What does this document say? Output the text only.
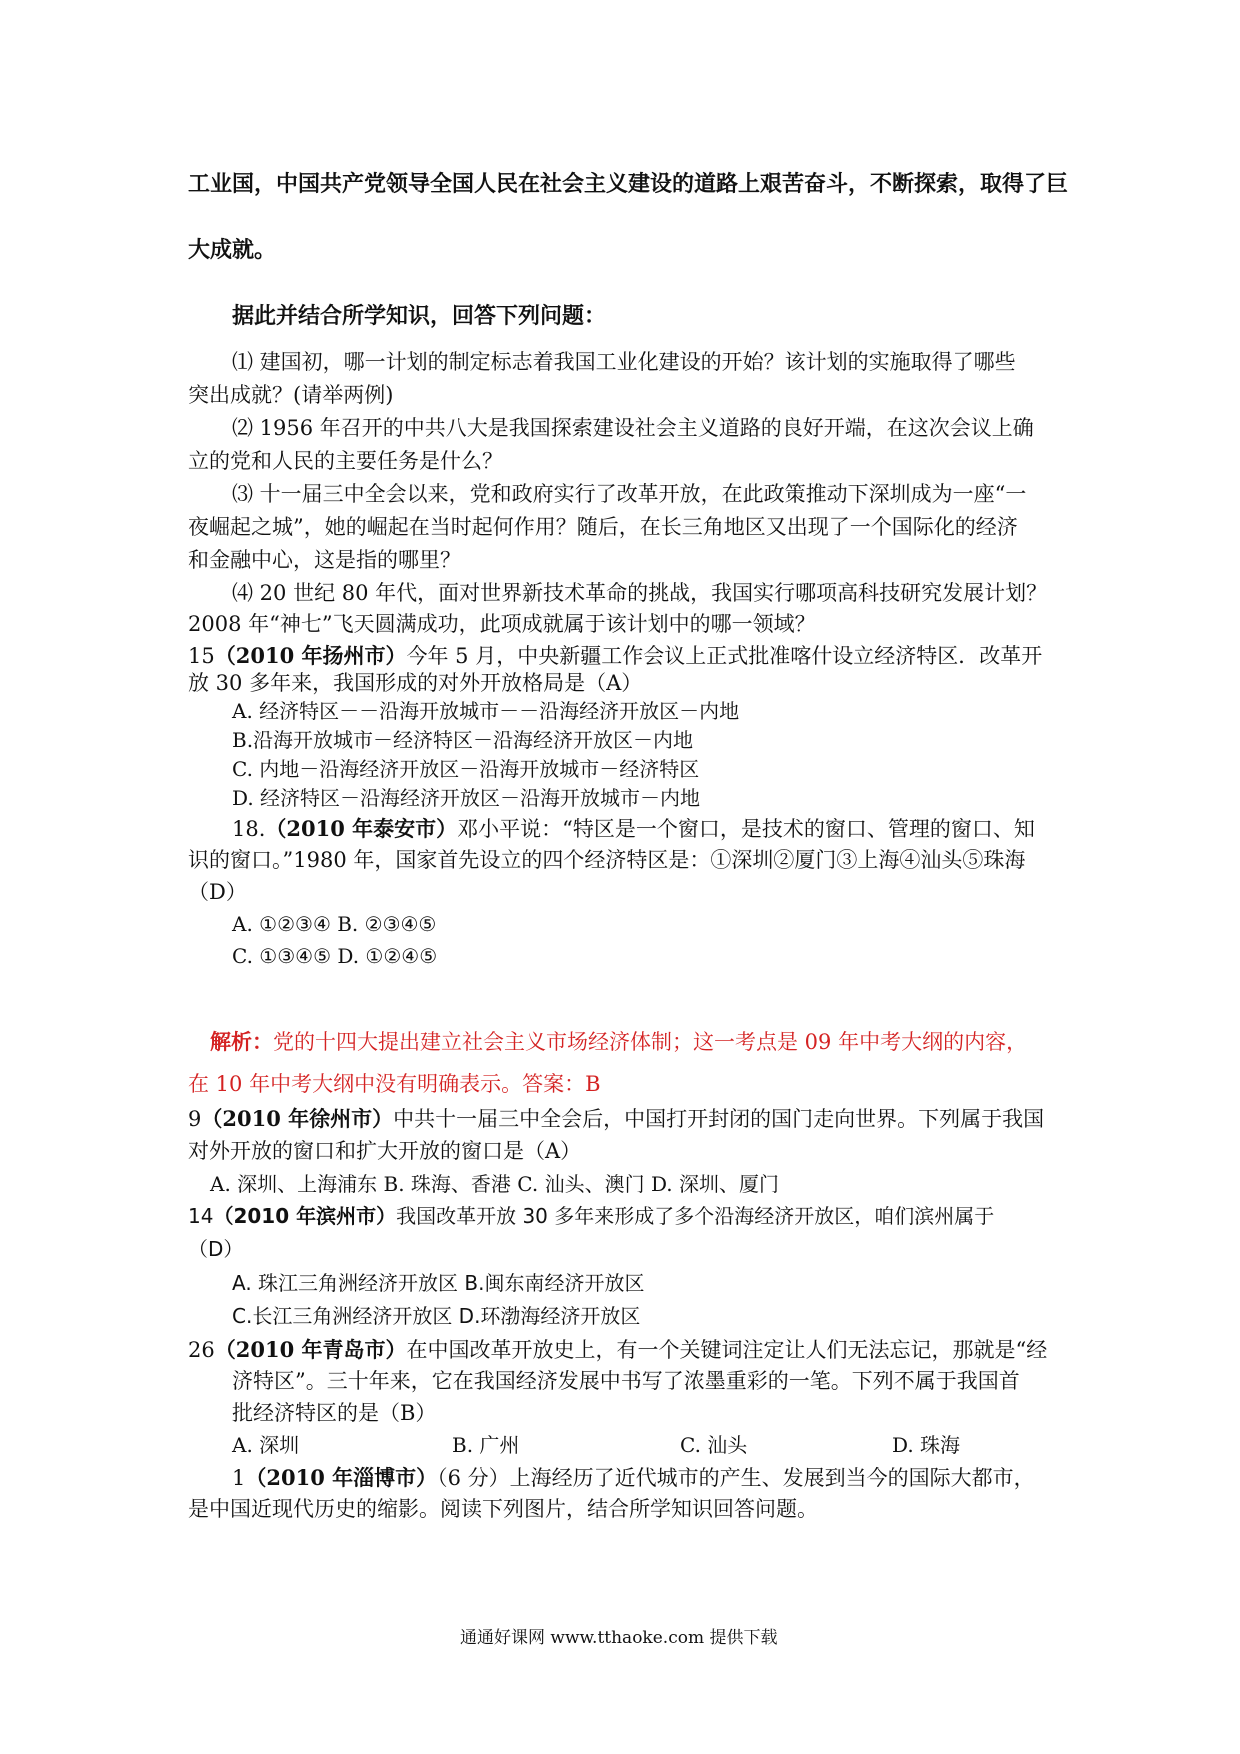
工业国，中国共产党领导全国人民在社会主义建设的道路上艰苦奋斗，不断探索，取得了巨
大成就。
据此并结合所学知识，回答下列问题：
⑴ 建国初，哪一计划的制定标志着我国工业化建设的开始？该计划的实施取得了哪些
突出成就？(请举两例)
⑵ 1956 年召开的中共八大是我国探索建设社会主义道路的良好开端，在这次会议上确
立的党和人民的主要任务是什么？
⑶ 十一届三中全会以来，党和政府实行了改革开放，在此政策推动下深圳成为一座“一
夜崛起之城”，她的崛起在当时起何作用？随后，在长三角地区又出现了一个国际化的经济
和金融中心，这是指的哪里？
⑷ 20 世纪 80 年代，面对世界新技术革命的挑战，我国实行哪项高科技研究发展计划？
2008 年“神七”飞天圆满成功，此项成就属于该计划中的哪一领域？
15（2010 年扬州市）今年 5 月，中央新疆工作会议上正式批准喀什设立经济特区．改革开
放 30 多年来，我国形成的对外开放格局是（A）
A. 经济特区－－沿海开放城市－－沿海经济开放区－内地
B.沿海开放城市－经济特区－沿海经济开放区－内地
C. 内地－沿海经济开放区－沿海开放城市－经济特区
D. 经济特区－沿海经济开放区－沿海开放城市－内地
18.（2010 年泰安市）邓小平说：“特区是一个窗口，是技术的窗口、管理的窗口、知
识的窗口。”1980 年，国家首先设立的四个经济特区是：①深圳②厦门③上海④汕头⑤珠海
（D）
A. ①②③④ B. ②③④⑤
C. ①③④⑤ D. ①②④⑤
解析：党的十四大提出建立社会主义市场经济体制；这一考点是 09 年中考大纲的内容，
在 10 年中考大纲中没有明确表示。答案：B
9（2010 年徐州市）中共十一届三中全会后，中国打开封闭的国门走向世界。下列属于我国
对外开放的窗口和扩大开放的窗口是（A）
A. 深圳、上海浦东 B. 珠海、香港 C. 汕头、澳门 D. 深圳、厦门
14（2010 年滨州市）我国改革开放 30 多年来形成了多个沿海经济开放区，咱们滨州属于
（D）
A. 珠江三角洲经济开放区 B.闽东南经济开放区
C.长江三角洲经济开放区 D.环渤海经济开放区
26（2010 年青岛市）在中国改革开放史上，有一个关键词注定让人们无法忘记，那就是“经
济特区”。三十年来，它在我国经济发展中书写了浓墨重彩的一笔。下列不属于我国首
批经济特区的是（B）
A. 深圳	B. 广州	C. 汕头	D. 珠海
1（2010 年淄博市）（6 分）上海经历了近代城市的产生、发展到当今的国际大都市，
是中国近现代历史的缩影。阅读下列图片，结合所学知识回答问题。
通通好课网 www.tthaoke.com 提供下载
